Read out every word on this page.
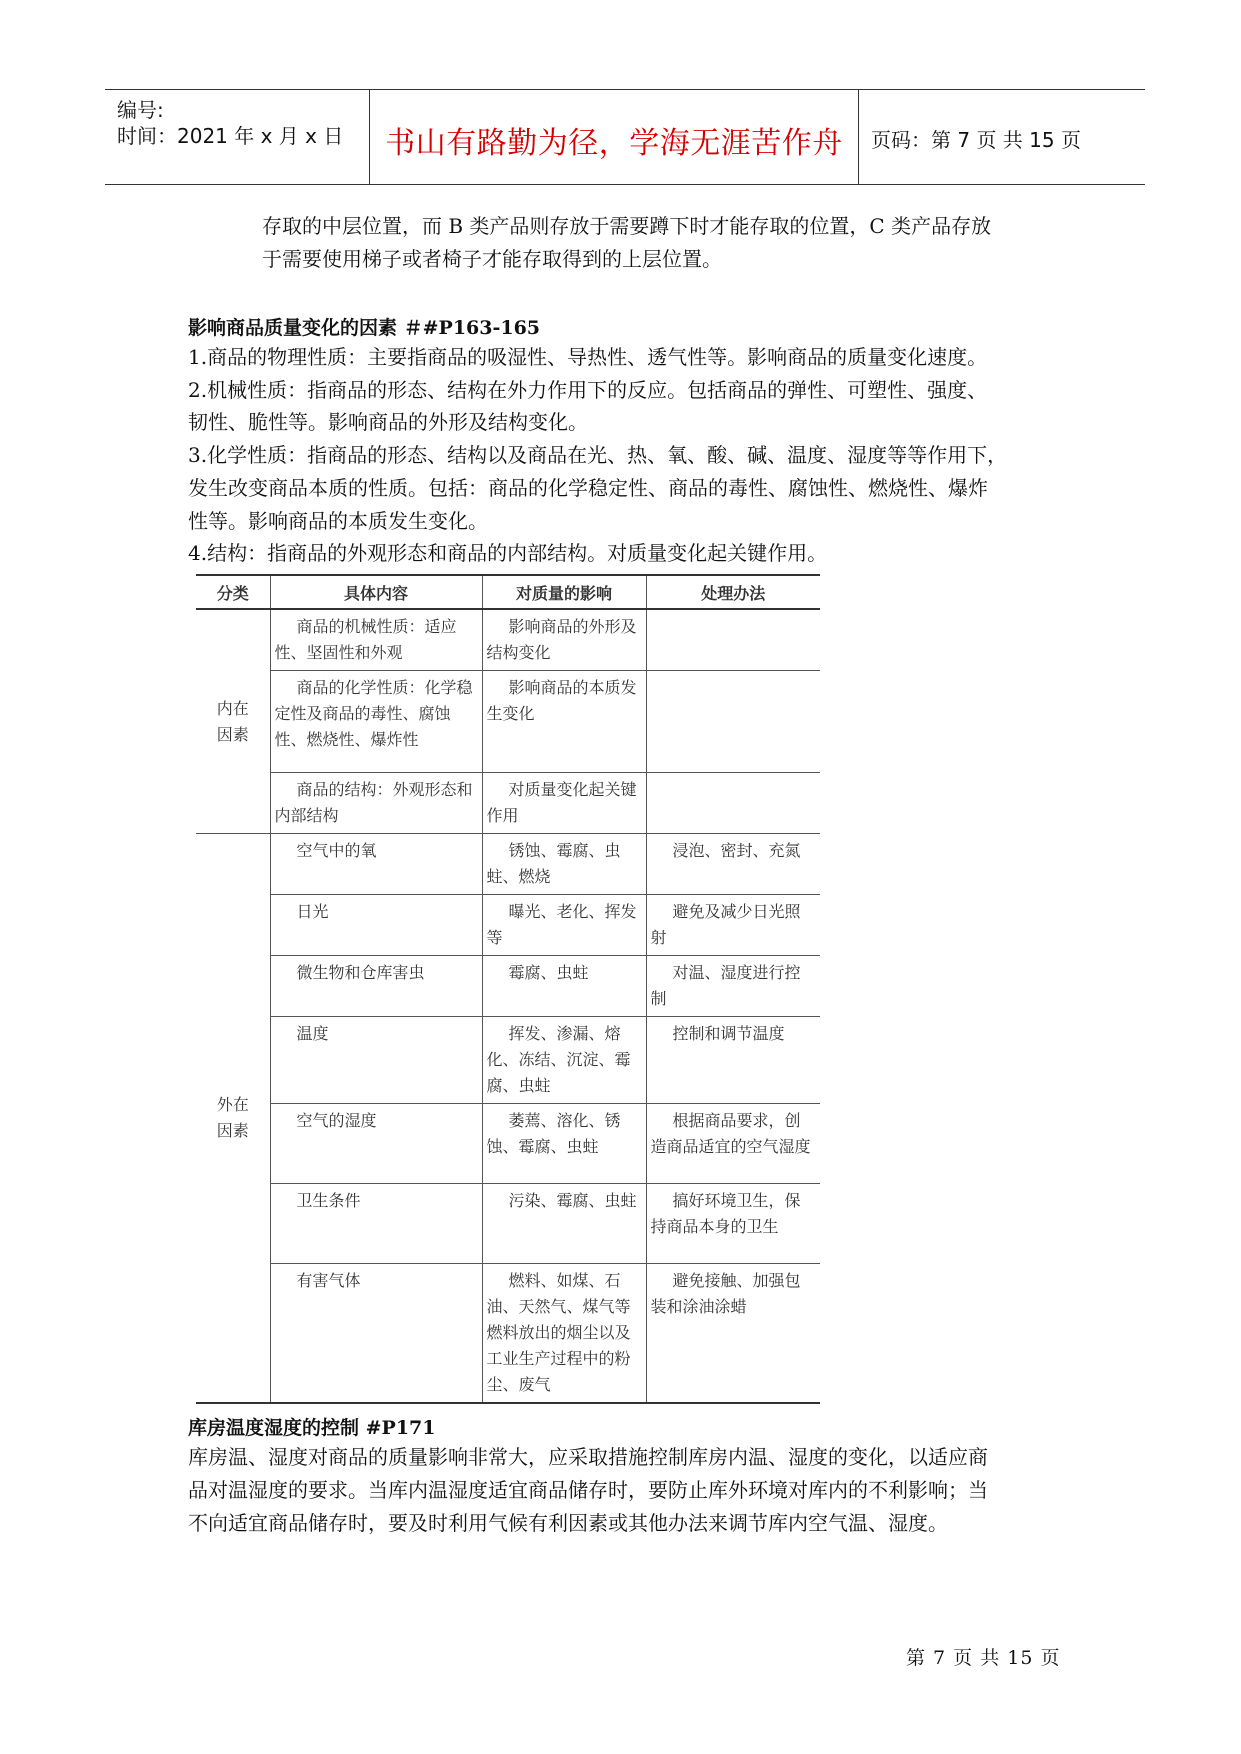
编号:
时间：2021 年 x 月 x 日	书山有路勤为径，学海无涯苦作舟	页码：第 7 页 共 15 页
存取的中层位置，而 B 类产品则存放于需要蹲下时才能存取的位置，C 类产品存放
于需要使用梯子或者椅子才能存取得到的上层位置。
影响商品质量变化的因素 ＃#P163-165
1.商品的物理性质：主要指商品的吸湿性、导热性、透气性等。影响商品的质量变化速度。
2.机械性质：指商品的形态、结构在外力作用下的反应。包括商品的弹性、可塑性、强度、
韧性、脆性等。影响商品的外形及结构变化。
3.化学性质：指商品的形态、结构以及商品在光、热、氧、酸、碱、温度、湿度等等作用下，
发生改变商品本质的性质。包括：商品的化学稳定性、商品的毒性、腐蚀性、燃烧性、爆炸
性等。影响商品的本质发生变化。
4.结构：指商品的外观形态和商品的内部结构。对质量变化起关键作用。
分类	具体内容	对质量的影响	处理办法
内在
因素	商品的机械性质：适应性、坚固性和外观	影响商品的外形及结构变化	
	商品的化学性质：化学稳定性及商品的毒性、腐蚀性、燃烧性、爆炸性	影响商品的本质发生变化	
	商品的结构：外观形态和内部结构	对质量变化起关键作用	
外在
因素	空气中的氧	锈蚀、霉腐、虫蛀、燃烧	浸泡、密封、充氮
	日光	曝光、老化、挥发等	避免及减少日光照射
	微生物和仓库害虫	霉腐、虫蛀	对温、湿度进行控制
	温度	挥发、渗漏、熔化、冻结、沉淀、霉腐、虫蛀	控制和调节温度
	空气的湿度	萎蔫、溶化、锈蚀、霉腐、虫蛀	根据商品要求，创造商品适宜的空气湿度
	卫生条件	污染、霉腐、虫蛀	搞好环境卫生，保持商品本身的卫生
	有害气体	燃料、如煤、石油、天然气、煤气等燃料放出的烟尘以及工业生产过程中的粉尘、废气	避免接触、加强包装和涂油涂蜡
库房温度湿度的控制 #P171
库房温、湿度对商品的质量影响非常大，应采取措施控制库房内温、湿度的变化，以适应商
品对温湿度的要求。当库内温湿度适宜商品储存时，要防止库外环境对库内的不利影响；当
不向适宜商品储存时，要及时利用气候有利因素或其他办法来调节库内空气温、湿度。
第 7 页 共 15 页
